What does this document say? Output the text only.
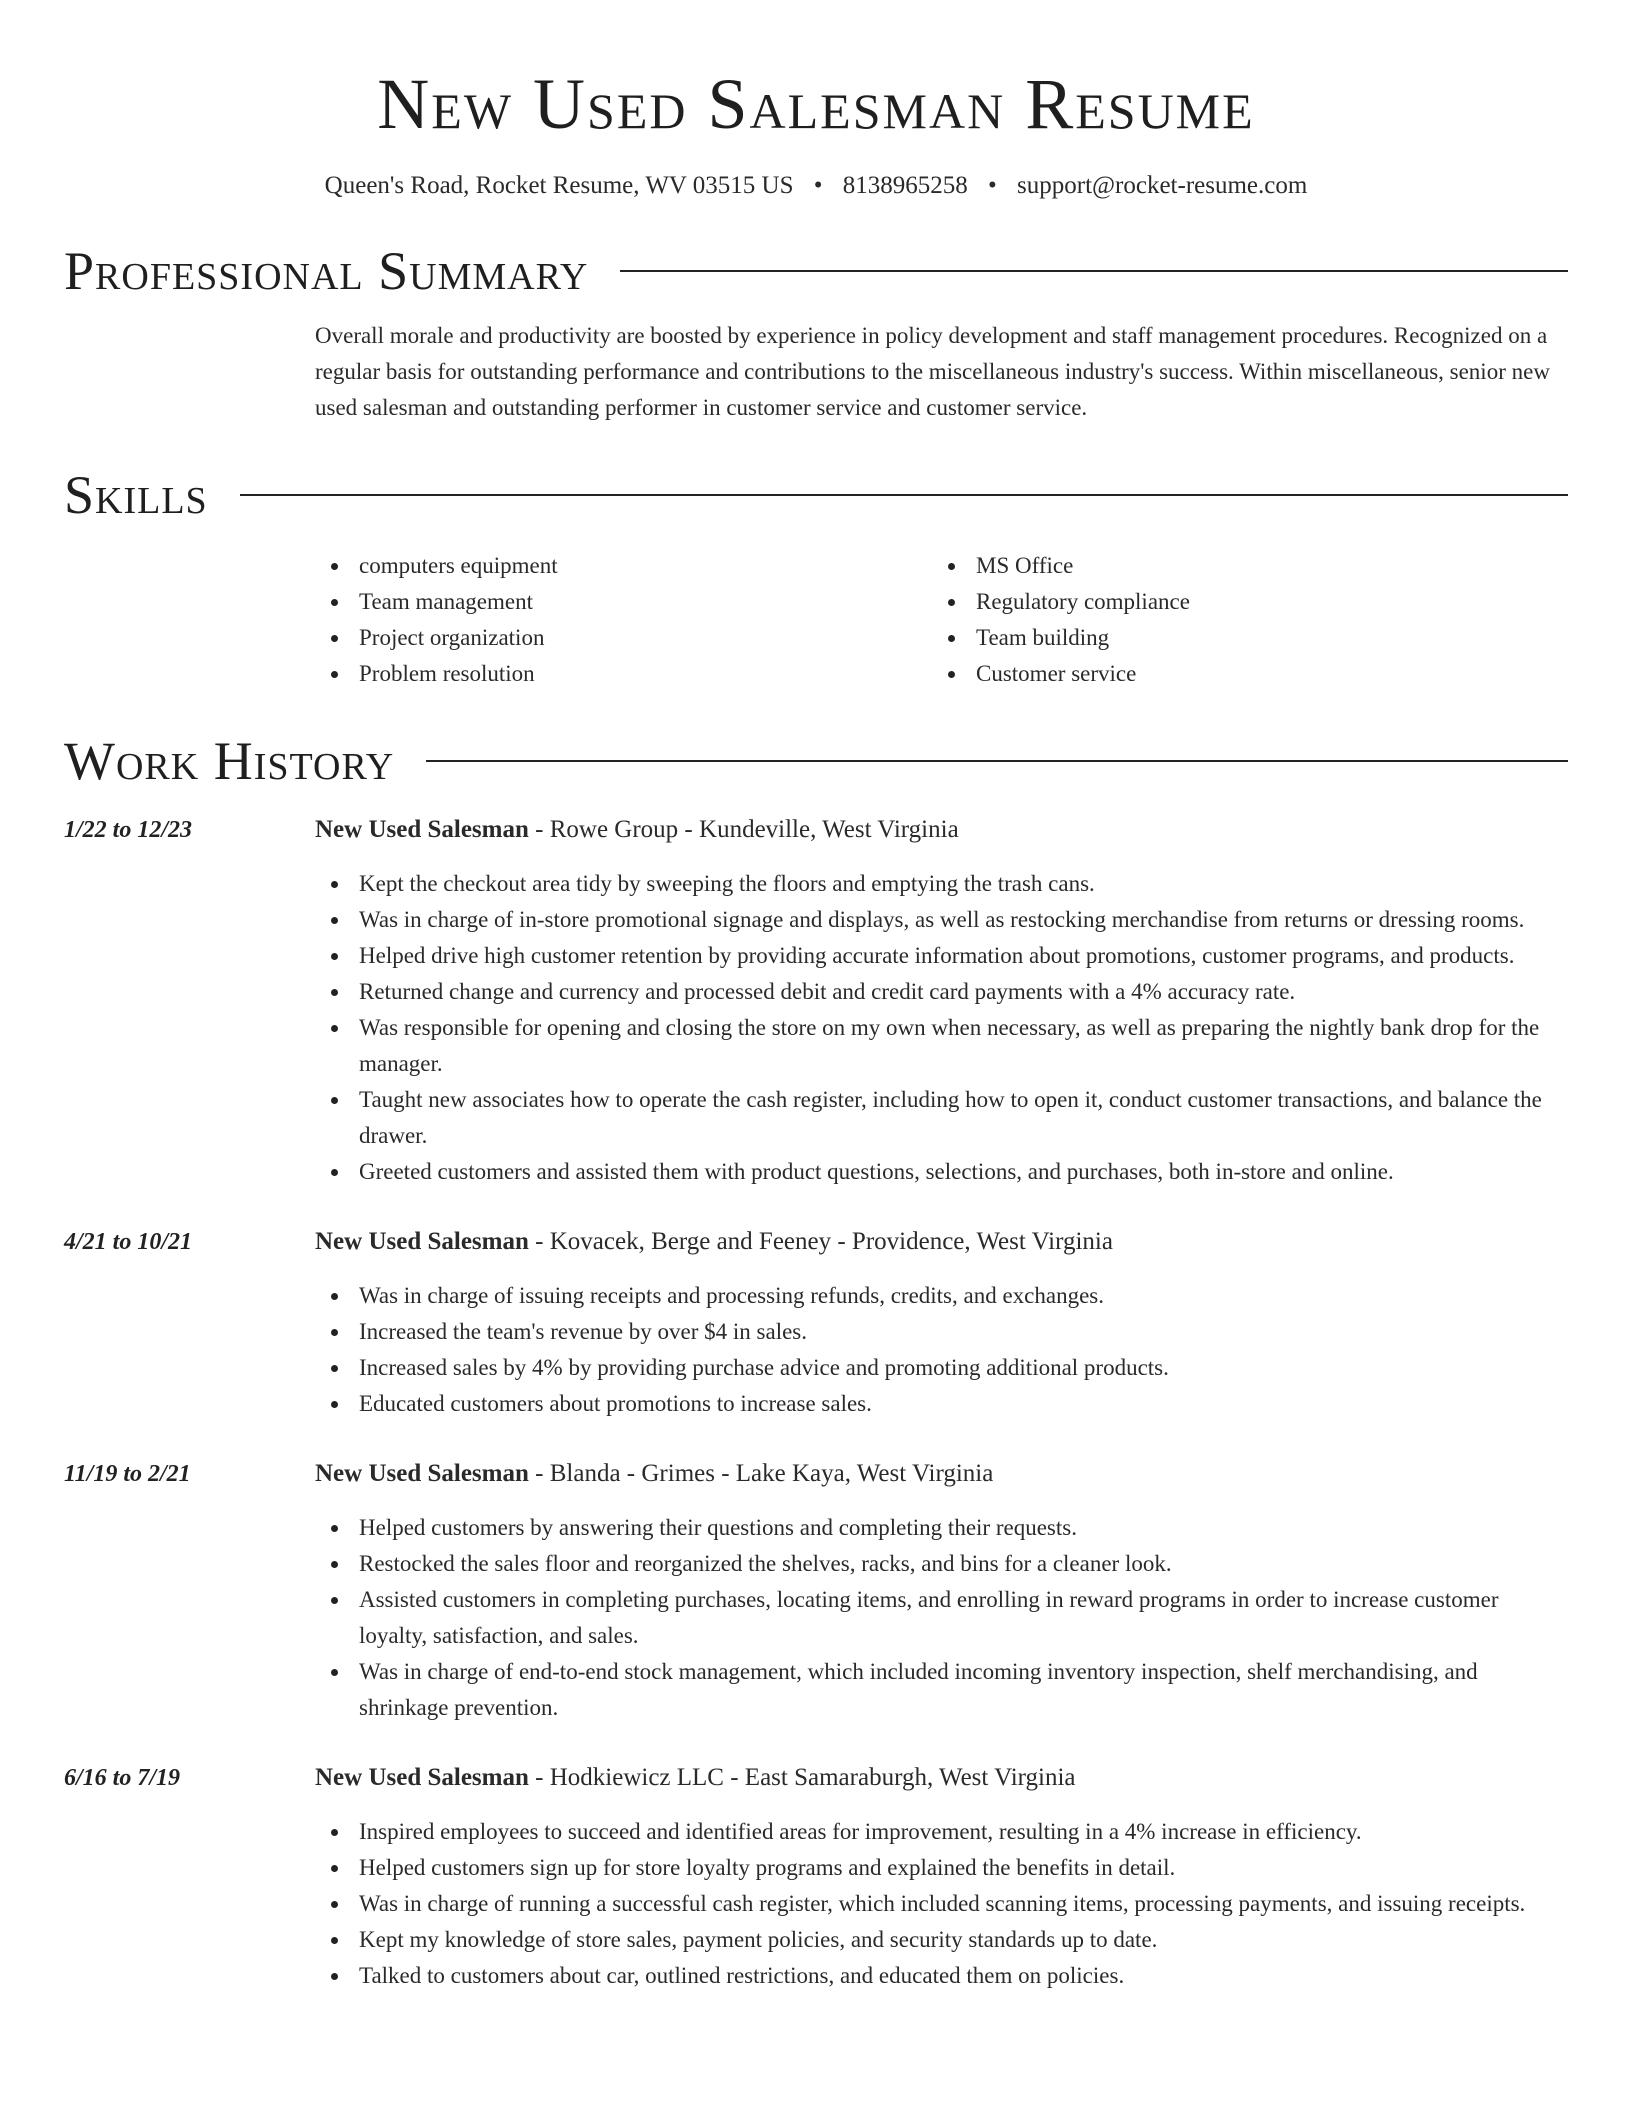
New Used Salesman Resume
Queen's Road, Rocket Resume, WV 03515 US • 8138965258 • support@rocket-resume.com
Professional Summary

Overall morale and productivity are boosted by experience in policy development and staff management procedures. Recognized on a regular basis for outstanding performance and contributions to the miscellaneous industry's success. Within miscellaneous, senior new used salesman and outstanding performer in customer service and customer service.

Skills
computers equipment
Team management
Project organization
Problem resolution
MS Office
Regulatory compliance
Team building
Customer service
Work History
1/22 to 12/23	New Used Salesman - Rowe Group - Kundeville, West Virginia
Kept the checkout area tidy by sweeping the floors and emptying the trash cans.
Was in charge of in-store promotional signage and displays, as well as restocking merchandise from returns or dressing rooms.
Helped drive high customer retention by providing accurate information about promotions, customer programs, and products.
Returned change and currency and processed debit and credit card payments with a 4% accuracy rate.
Was responsible for opening and closing the store on my own when necessary, as well as preparing the nightly bank drop for the manager.
Taught new associates how to operate the cash register, including how to open it, conduct customer transactions, and balance the drawer.
Greeted customers and assisted them with product questions, selections, and purchases, both in-store and online.
4/21 to 10/21	New Used Salesman - Kovacek, Berge and Feeney - Providence, West Virginia
Was in charge of issuing receipts and processing refunds, credits, and exchanges.
Increased the team's revenue by over $4 in sales.
Increased sales by 4% by providing purchase advice and promoting additional products.
Educated customers about promotions to increase sales.
11/19 to 2/21	New Used Salesman - Blanda - Grimes - Lake Kaya, West Virginia
Helped customers by answering their questions and completing their requests.
Restocked the sales floor and reorganized the shelves, racks, and bins for a cleaner look.
Assisted customers in completing purchases, locating items, and enrolling in reward programs in order to increase customer loyalty, satisfaction, and sales.
Was in charge of end-to-end stock management, which included incoming inventory inspection, shelf merchandising, and shrinkage prevention.
6/16 to 7/19	New Used Salesman - Hodkiewicz LLC - East Samaraburgh, West Virginia
Inspired employees to succeed and identified areas for improvement, resulting in a 4% increase in efficiency.
Helped customers sign up for store loyalty programs and explained the benefits in detail.
Was in charge of running a successful cash register, which included scanning items, processing payments, and issuing receipts.
Kept my knowledge of store sales, payment policies, and security standards up to date.
Talked to customers about car, outlined restrictions, and educated them on policies.
